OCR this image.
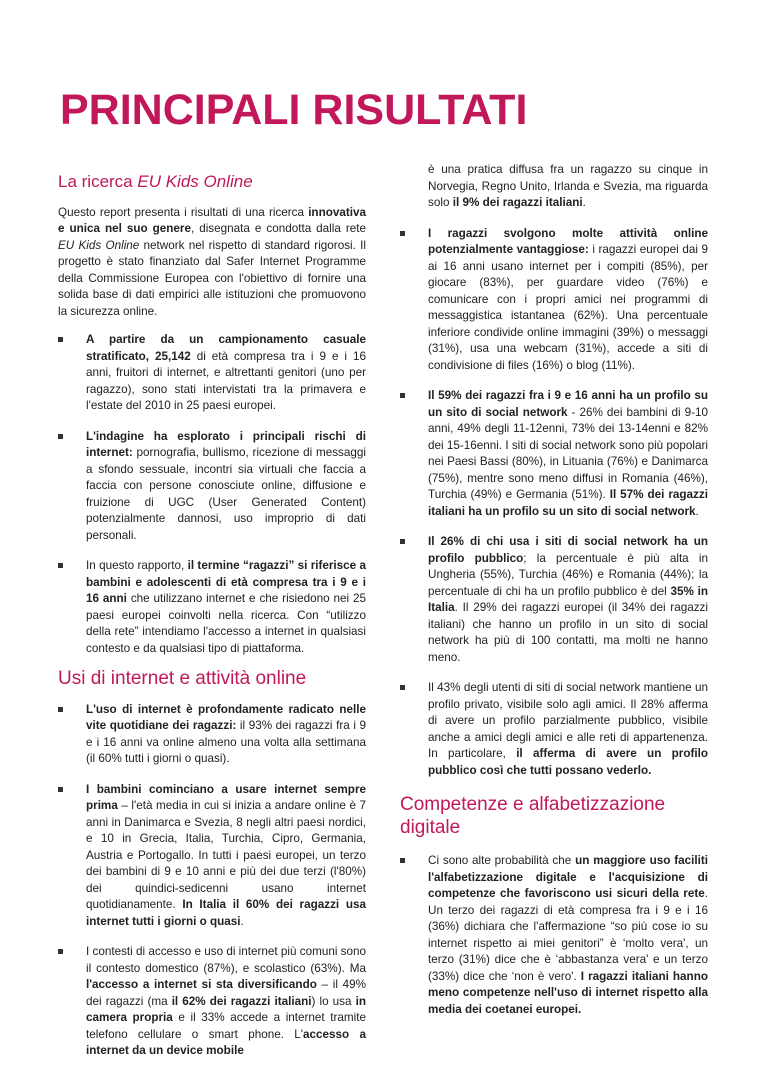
PRINCIPALI RISULTATI
La ricerca EU Kids Online

Questo report presenta i risultati di una ricerca innovativa e unica nel suo genere, disegnata e condotta dalla rete EU Kids Online network nel rispetto di standard rigorosi. Il progetto è stato finanziato dal Safer Internet Programme della Commissione Europea con l'obiettivo di fornire una solida base di dati empirici alle istituzioni che promuovono la sicurezza online.

A partire da un campionamento casuale stratificato, 25,142 di età compresa tra i 9 e i 16 anni, fruitori di internet, e altrettanti genitori (uno per ragazzo), sono stati intervistati tra la primavera e l'estate del 2010 in 25 paesi europei.
L'indagine ha esplorato i principali rischi di internet: pornografia, bullismo, ricezione di messaggi a sfondo sessuale, incontri sia virtuali che faccia a faccia con persone conosciute online, diffusione e fruizione di UGC (User Generated Content) potenzialmente dannosi, uso improprio di dati personali.
In questo rapporto, il termine “ragazzi” si riferisce a bambini e adolescenti di età compresa tra i 9 e i 16 anni che utilizzano internet e che risiedono nei 25 paesi europei coinvolti nella ricerca. Con “utilizzo della rete” intendiamo l'accesso a internet in qualsiasi contesto e da qualsiasi tipo di piattaforma.
Usi di internet e attività online
L'uso di internet è profondamente radicato nelle vite quotidiane dei ragazzi: il 93% dei ragazzi fra i 9 e i 16 anni va online almeno una volta alla settimana (il 60% tutti i giorni o quasi).
I bambini cominciano a usare internet sempre prima – l'età media in cui si inizia a andare online è 7 anni in Danimarca e Svezia, 8 negli altri paesi nordici, e 10 in Grecia, Italia, Turchia, Cipro, Germania, Austria e Portogallo. In tutti i paesi europei, un terzo dei bambini di 9 e 10 anni e più dei due terzi (l'80%) dei quindici-sedicenni usano internet quotidianamente. In Italia il 60% dei ragazzi usa internet tutti i giorni o quasi.
I contesti di accesso e uso di internet più comuni sono il contesto domestico (87%), e scolastico (63%). Ma l'accesso a internet si sta diversificando – il 49% dei ragazzi (ma il 62% dei ragazzi italiani) lo usa in camera propria e il 33% accede a internet tramite telefono cellulare o smart phone. L'accesso a internet da un device mobile

è una pratica diffusa fra un ragazzo su cinque in Norvegia, Regno Unito, Irlanda e Svezia, ma riguarda solo il 9% dei ragazzi italiani.

I ragazzi svolgono molte attività online potenzialmente vantaggiose: i ragazzi europei dai 9 ai 16 anni usano internet per i compiti (85%), per giocare (83%), per guardare video (76%) e comunicare con i propri amici nei programmi di messaggistica istantanea (62%). Una percentuale inferiore condivide online immagini (39%) o messaggi (31%), usa una webcam (31%), accede a siti di condivisione di files (16%) o blog (11%).
Il 59% dei ragazzi fra i 9 e 16 anni ha un profilo su un sito di social network - 26% dei bambini di 9-10 anni, 49% degli 11-12enni, 73% dei 13-14enni e 82% dei 15-16enni. I siti di social network sono più popolari nei Paesi Bassi (80%), in Lituania (76%) e Danimarca (75%), mentre sono meno diffusi in Romania (46%), Turchia (49%) e Germania (51%). Il 57% dei ragazzi italiani ha un profilo su un sito di social network.
Il 26% di chi usa i siti di social network ha un profilo pubblico; la percentuale è più alta in Ungheria (55%), Turchia (46%) e Romania (44%); la percentuale di chi ha un profilo pubblico è del 35% in Italia. Il 29% dei ragazzi europei (il 34% dei ragazzi italiani) che hanno un profilo in un sito di social network ha più di 100 contatti, ma molti ne hanno meno.
Il 43% degli utenti di siti di social network mantiene un profilo privato, visibile solo agli amici. Il 28% afferma di avere un profilo parzialmente pubblico, visibile anche a amici degli amici e alle reti di appartenenza. In particolare, il afferma di avere un profilo pubblico così che tutti possano vederlo.
Competenze e alfabetizzazione digitale
Ci sono alte probabilità che un maggiore uso faciliti l'alfabetizzazione digitale e l'acquisizione di competenze che favoriscono usi sicuri della rete. Un terzo dei ragazzi di età compresa fra i 9 e i 16 (36%) dichiara che l'affermazione “so più cose io su internet rispetto ai miei genitori” è ‘molto vera', un terzo (31%) dice che è ‘abbastanza vera' e un terzo (33%) dice che ‘non è vero'. I ragazzi italiani hanno meno competenze nell'uso di internet rispetto alla media dei coetanei europei.
